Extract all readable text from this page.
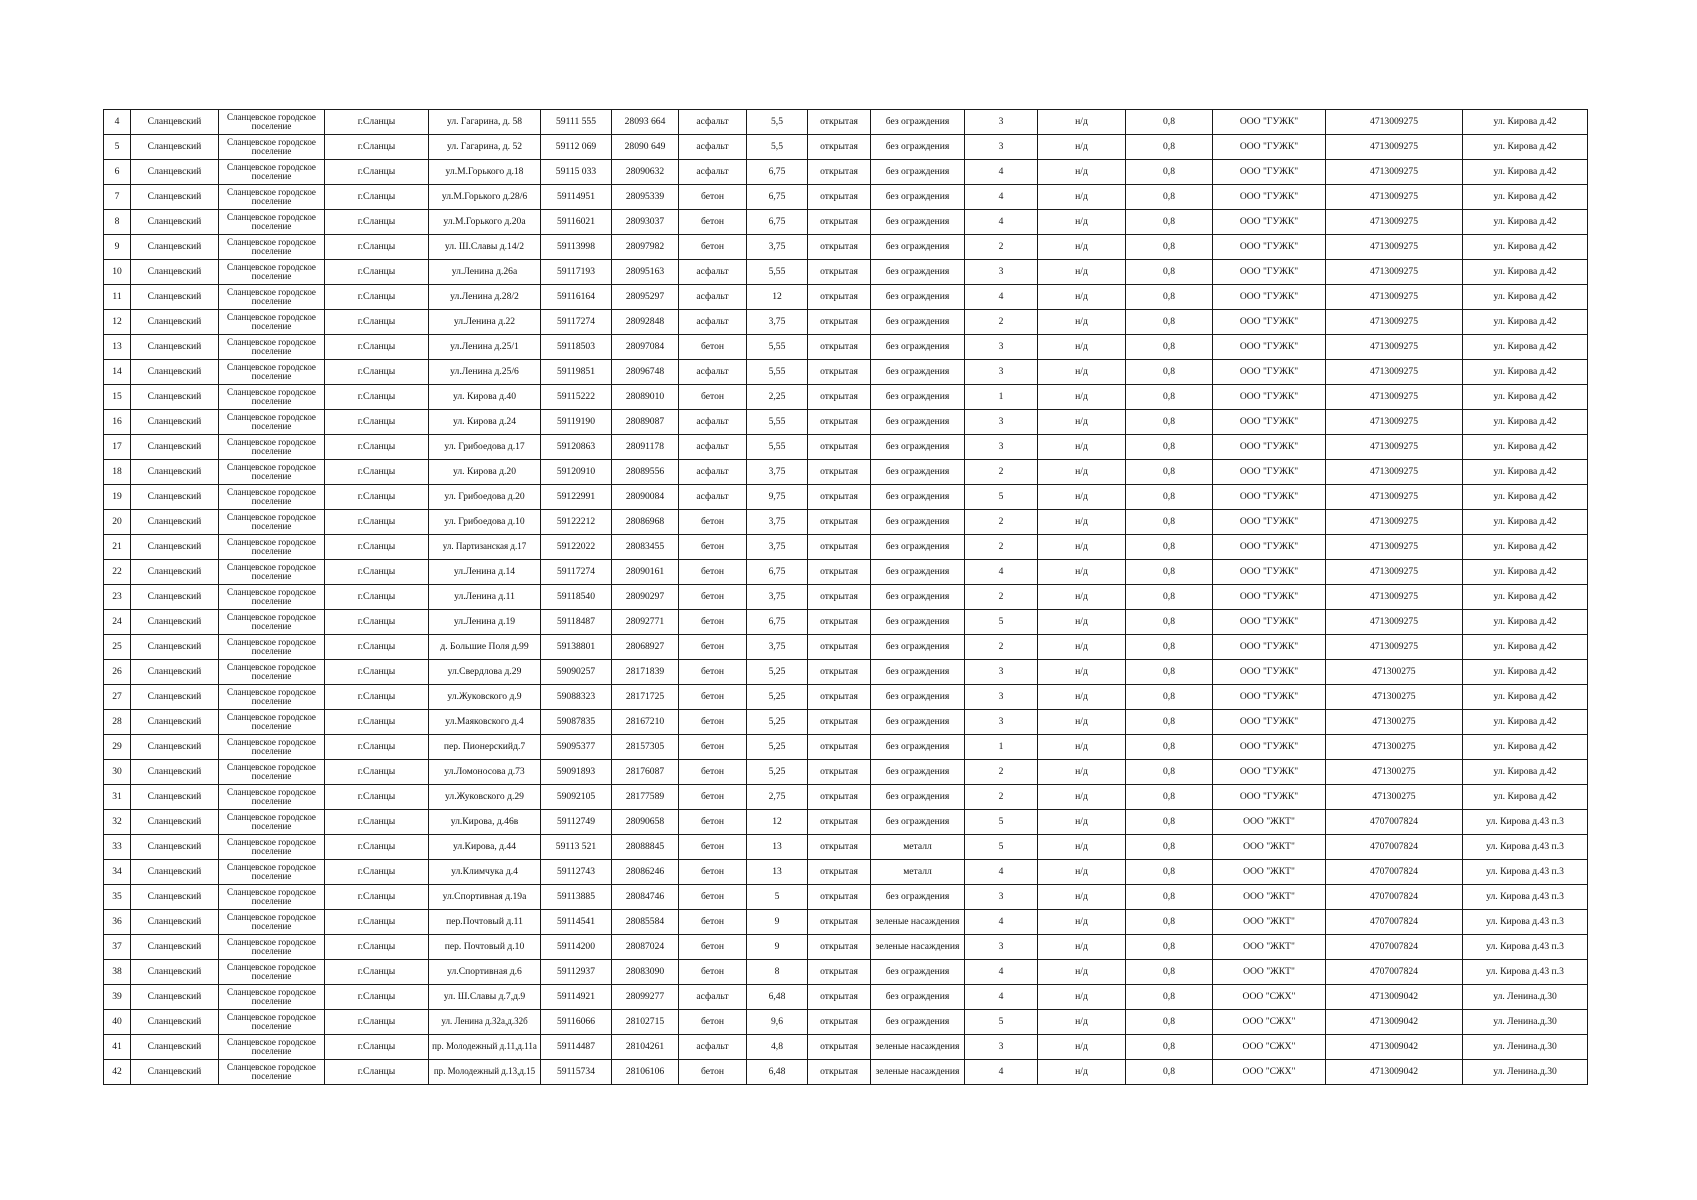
4	Сланцевский	Сланцевское городское поселение	г.Сланцы	ул. Гагарина, д. 58	59111 555	28093 664	асфальт	5,5	открытая	без ограждения	3	н/д	0,8	ООО "ГУЖК"	4713009275	ул. Кирова д.42
5	Сланцевский	Сланцевское городское поселение	г.Сланцы	ул. Гагарина, д. 52	59112 069	28090 649	асфальт	5,5	открытая	без ограждения	3	н/д	0,8	ООО "ГУЖК"	4713009275	ул. Кирова д.42
6	Сланцевский	Сланцевское городское поселение	г.Сланцы	ул.М.Горького д.18	59115 033	28090632	асфальт	6,75	открытая	без ограждения	4	н/д	0,8	ООО "ГУЖК"	4713009275	ул. Кирова д.42
7	Сланцевский	Сланцевское городское поселение	г.Сланцы	ул.М.Горького д.28/6	59114951	28095339	бетон	6,75	открытая	без ограждения	4	н/д	0,8	ООО "ГУЖК"	4713009275	ул. Кирова д.42
8	Сланцевский	Сланцевское городское поселение	г.Сланцы	ул.М.Горького д.20а	59116021	28093037	бетон	6,75	открытая	без ограждения	4	н/д	0,8	ООО "ГУЖК"	4713009275	ул. Кирова д.42
9	Сланцевский	Сланцевское городское поселение	г.Сланцы	ул. Ш.Славы д.14/2	59113998	28097982	бетон	3,75	открытая	без ограждения	2	н/д	0,8	ООО "ГУЖК"	4713009275	ул. Кирова д.42
10	Сланцевский	Сланцевское городское поселение	г.Сланцы	ул.Ленина д.26а	59117193	28095163	асфальт	5,55	открытая	без ограждения	3	н/д	0,8	ООО "ГУЖК"	4713009275	ул. Кирова д.42
11	Сланцевский	Сланцевское городское поселение	г.Сланцы	ул.Ленина д.28/2	59116164	28095297	асфальт	12	открытая	без ограждения	4	н/д	0,8	ООО "ГУЖК"	4713009275	ул. Кирова д.42
12	Сланцевский	Сланцевское городское поселение	г.Сланцы	ул.Ленина д.22	59117274	28092848	асфальт	3,75	открытая	без ограждения	2	н/д	0,8	ООО "ГУЖК"	4713009275	ул. Кирова д.42
13	Сланцевский	Сланцевское городское поселение	г.Сланцы	ул.Ленина д.25/1	59118503	28097084	бетон	5,55	открытая	без ограждения	3	н/д	0,8	ООО "ГУЖК"	4713009275	ул. Кирова д.42
14	Сланцевский	Сланцевское городское поселение	г.Сланцы	ул.Ленина д.25/6	59119851	28096748	асфальт	5,55	открытая	без ограждения	3	н/д	0,8	ООО "ГУЖК"	4713009275	ул. Кирова д.42
15	Сланцевский	Сланцевское городское поселение	г.Сланцы	ул. Кирова д.40	59115222	28089010	бетон	2,25	открытая	без ограждения	1	н/д	0,8	ООО "ГУЖК"	4713009275	ул. Кирова д.42
16	Сланцевский	Сланцевское городское поселение	г.Сланцы	ул. Кирова д.24	59119190	28089087	асфальт	5,55	открытая	без ограждения	3	н/д	0,8	ООО "ГУЖК"	4713009275	ул. Кирова д.42
17	Сланцевский	Сланцевское городское поселение	г.Сланцы	ул. Грибоедова д.17	59120863	28091178	асфальт	5,55	открытая	без ограждения	3	н/д	0,8	ООО "ГУЖК"	4713009275	ул. Кирова д.42
18	Сланцевский	Сланцевское городское поселение	г.Сланцы	ул. Кирова д.20	59120910	28089556	асфальт	3,75	открытая	без ограждения	2	н/д	0,8	ООО "ГУЖК"	4713009275	ул. Кирова д.42
19	Сланцевский	Сланцевское городское поселение	г.Сланцы	ул. Грибоедова д.20	59122991	28090084	асфальт	9,75	открытая	без ограждения	5	н/д	0,8	ООО "ГУЖК"	4713009275	ул. Кирова д.42
20	Сланцевский	Сланцевское городское поселение	г.Сланцы	ул. Грибоедова д.10	59122212	28086968	бетон	3,75	открытая	без ограждения	2	н/д	0,8	ООО "ГУЖК"	4713009275	ул. Кирова д.42
21	Сланцевский	Сланцевское городское поселение	г.Сланцы	ул. Партизанская д.17	59122022	28083455	бетон	3,75	открытая	без ограждения	2	н/д	0,8	ООО "ГУЖК"	4713009275	ул. Кирова д.42
22	Сланцевский	Сланцевское городское поселение	г.Сланцы	ул.Ленина д.14	59117274	28090161	бетон	6,75	открытая	без ограждения	4	н/д	0,8	ООО "ГУЖК"	4713009275	ул. Кирова д.42
23	Сланцевский	Сланцевское городское поселение	г.Сланцы	ул.Ленина д.11	59118540	28090297	бетон	3,75	открытая	без ограждения	2	н/д	0,8	ООО "ГУЖК"	4713009275	ул. Кирова д.42
24	Сланцевский	Сланцевское городское поселение	г.Сланцы	ул.Ленина д.19	59118487	28092771	бетон	6,75	открытая	без ограждения	5	н/д	0,8	ООО "ГУЖК"	4713009275	ул. Кирова д.42
25	Сланцевский	Сланцевское городское поселение	г.Сланцы	д. Большие Поля д.99	59138801	28068927	бетон	3,75	открытая	без ограждения	2	н/д	0,8	ООО "ГУЖК"	4713009275	ул. Кирова д.42
26	Сланцевский	Сланцевское городское поселение	г.Сланцы	ул.Свердлова д.29	59090257	28171839	бетон	5,25	открытая	без ограждения	3	н/д	0,8	ООО "ГУЖК"	471300275	ул. Кирова д.42
27	Сланцевский	Сланцевское городское поселение	г.Сланцы	ул.Жуковского д.9	59088323	28171725	бетон	5,25	открытая	без ограждения	3	н/д	0,8	ООО "ГУЖК"	471300275	ул. Кирова д.42
28	Сланцевский	Сланцевское городское поселение	г.Сланцы	ул.Маяковского д.4	59087835	28167210	бетон	5,25	открытая	без ограждения	3	н/д	0,8	ООО "ГУЖК"	471300275	ул. Кирова д.42
29	Сланцевский	Сланцевское городское поселение	г.Сланцы	пер. Пионерскийд.7	59095377	28157305	бетон	5,25	открытая	без ограждения	1	н/д	0,8	ООО "ГУЖК"	471300275	ул. Кирова д.42
30	Сланцевский	Сланцевское городское поселение	г.Сланцы	ул.Ломоносова д.73	59091893	28176087	бетон	5,25	открытая	без ограждения	2	н/д	0,8	ООО "ГУЖК"	471300275	ул. Кирова д.42
31	Сланцевский	Сланцевское городское поселение	г.Сланцы	ул.Жуковского д.29	59092105	28177589	бетон	2,75	открытая	без ограждения	2	н/д	0,8	ООО "ГУЖК"	471300275	ул. Кирова д.42
32	Сланцевский	Сланцевское городское поселение	г.Сланцы	ул.Кирова, д.46в	59112749	28090658	бетон	12	открытая	без ограждения	5	н/д	0,8	ООО "ЖКТ"	4707007824	ул. Кирова д.43 п.3
33	Сланцевский	Сланцевское городское поселение	г.Сланцы	ул.Кирова, д.44	59113 521	28088845	бетон	13	открытая	металл	5	н/д	0,8	ООО "ЖКТ"	4707007824	ул. Кирова д.43 п.3
34	Сланцевский	Сланцевское городское поселение	г.Сланцы	ул.Климчука д.4	59112743	28086246	бетон	13	открытая	металл	4	н/д	0,8	ООО "ЖКТ"	4707007824	ул. Кирова д.43 п.3
35	Сланцевский	Сланцевское городское поселение	г.Сланцы	ул.Спортивная д.19а	59113885	28084746	бетон	5	открытая	без ограждения	3	н/д	0,8	ООО "ЖКТ"	4707007824	ул. Кирова д.43 п.3
36	Сланцевский	Сланцевское городское поселение	г.Сланцы	пер.Почтовый д.11	59114541	28085584	бетон	9	открытая	зеленые насаждения	4	н/д	0,8	ООО "ЖКТ"	4707007824	ул. Кирова д.43 п.3
37	Сланцевский	Сланцевское городское поселение	г.Сланцы	пер. Почтовый д.10	59114200	28087024	бетон	9	открытая	зеленые насаждения	3	н/д	0,8	ООО "ЖКТ"	4707007824	ул. Кирова д.43 п.3
38	Сланцевский	Сланцевское городское поселение	г.Сланцы	ул.Спортивная д.6	59112937	28083090	бетон	8	открытая	без ограждения	4	н/д	0,8	ООО "ЖКТ"	4707007824	ул. Кирова д.43 п.3
39	Сланцевский	Сланцевское городское поселение	г.Сланцы	ул. Ш.Славы д.7,д.9	59114921	28099277	асфальт	6,48	открытая	без ограждения	4	н/д	0,8	ООО "СЖХ"	4713009042	ул. Ленина.д.30
40	Сланцевский	Сланцевское городское поселение	г.Сланцы	ул. Ленина д.32а,д.32б	59116066	28102715	бетон	9,6	открытая	без ограждения	5	н/д	0,8	ООО "СЖХ"	4713009042	ул. Ленина.д.30
41	Сланцевский	Сланцевское городское поселение	г.Сланцы	пр. Молодежный д.11,д.11а	59114487	28104261	асфальт	4,8	открытая	зеленые насаждения	3	н/д	0,8	ООО "СЖХ"	4713009042	ул. Ленина.д.30
42	Сланцевский	Сланцевское городское поселение	г.Сланцы	пр. Молодежный д.13,д.15	59115734	28106106	бетон	6,48	открытая	зеленые насаждения	4	н/д	0,8	ООО "СЖХ"	4713009042	ул. Ленина.д.30
